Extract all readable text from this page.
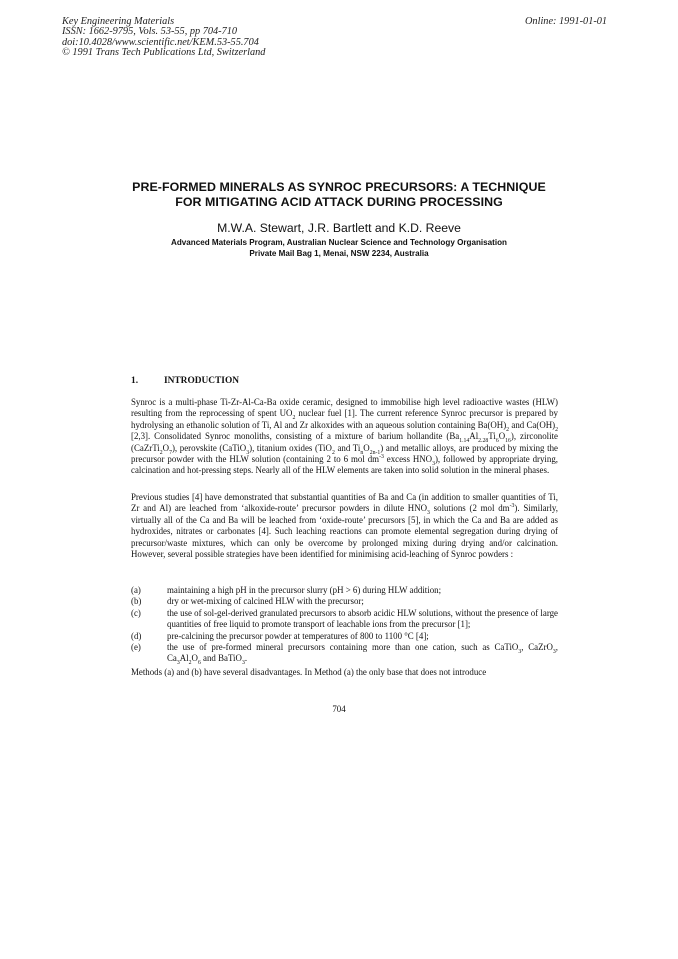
Key Engineering Materials
ISSN: 1662-9795, Vols. 53-55, pp 704-710
doi:10.4028/www.scientific.net/KEM.53-55.704
© 1991 Trans Tech Publications Ltd, Switzerland
Online: 1991-01-01
PRE-FORMED MINERALS AS SYNROC PRECURSORS: A TECHNIQUE
FOR MITIGATING ACID ATTACK DURING PROCESSING
M.W.A. Stewart, J.R. Bartlett and K.D. Reeve
Advanced Materials Program, Australian Nuclear Science and Technology Organisation
Private Mail Bag 1, Menai, NSW 2234, Australia
1.	INTRODUCTION
Synroc is a multi-phase Ti-Zr-Al-Ca-Ba oxide ceramic, designed to immobilise high level radioactive wastes (HLW) resulting from the reprocessing of spent $UO_2$ nuclear fuel [1]. The current reference Synroc precursor is prepared by hydrolysing an ethanolic solution of Ti, Al and Zr alkoxides with an aqueous solution containing $Ba(OH)_2$ and $Ca(OH)_2$ [2,3]. Consolidated Synroc monoliths, consisting of a mixture of barium hollandite $(Ba_{1.14}Al_{2.28}Ti_6O_{16})$, zirconolite $(CaZrTi_2O_7)$, perovskite (CaTiO$_3$), titanium oxides (TiO$_2$ and $Ti_nO_{2n-1}$) and metallic alloys, are produced by mixing the precursor powder with the HLW solution (containing 2 to 6 mol $dm^{-3}$ excess $HNO_3$), followed by appropriate drying, calcination and hot-pressing steps. Nearly all of the HLW elements are taken into solid solution in the mineral phases.
Previous studies [4] have demonstrated that substantial quantities of Ba and Ca (in addition to smaller quantities of Ti, Zr and Al) are leached from ‘alkoxide-route’ precursor powders in dilute $HNO_3$ solutions (2 mol $dm^{-3}$). Similarly, virtually all of the Ca and Ba will be leached from ‘oxide-route’ precursors [5], in which the Ca and Ba are added as hydroxides, nitrates or carbonates [4]. Such leaching reactions can promote elemental segregation during drying of precursor/waste mixtures, which can only be overcome by prolonged mixing during drying and/or calcination. However, several possible strategies have been identified for minimising acid-leaching of Synroc powders :
(a)	maintaining a high pH in the precursor slurry (pH > 6) during HLW addition;
(b)	dry or wet-mixing of calcined HLW with the precursor;
(c)	the use of sol-gel-derived granulated precursors to absorb acidic HLW solutions, without the presence of large quantities of free liquid to promote transport of leachable ions from the precursor [1];
(d)	pre-calcining the precursor powder at temperatures of 800 to 1100 °C [4];
(e)	the use of pre-formed mineral precursors containing more than one cation, such as CaTiO$_3$, CaZrO$_3$, $Ca_3Al_2O_6$ and BaTiO$_3$.
Methods (a) and (b) have several disadvantages. In Method (a) the only base that does not introduce
704
